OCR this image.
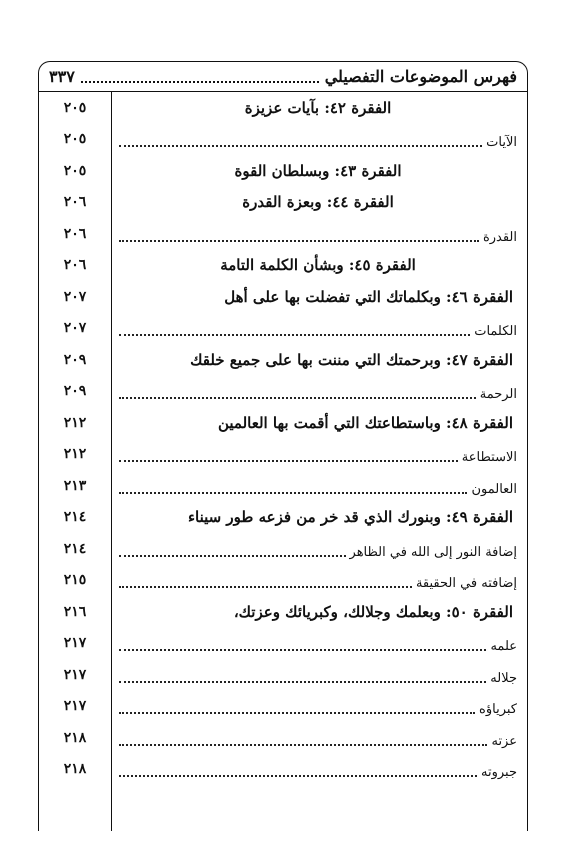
فهرس الموضوعات التفصيلي
٣٣٧
٢٠٥	الفقرة ٤٢: بآيات عزيزة
٢٠٥	الآيات
٢٠٥	الفقرة ٤٣: وبسلطان القوة
٢٠٦	الفقرة ٤٤: وبعزة القدرة
٢٠٦	القدرة
٢٠٦	الفقرة ٤٥: وبشأن الكلمة التامة
٢٠٧	الفقرة ٤٦: وبكلماتك التي تفضلت بها على أهل
٢٠٧	الكلمات
٢٠٩	الفقرة ٤٧: وبرحمتك التي مننت بها على جميع خلقك
٢٠٩	الرحمة
٢١٢	الفقرة ٤٨: وباستطاعتك التي أقمت بها العالمين
٢١٢	الاستطاعة
٢١٣	العالمون
٢١٤	الفقرة ٤٩: وبنورك الذي قد خر من فزعه طور سيناء
٢١٤	إضافة النور إلى الله في الظاهر
٢١٥	إضافته في الحقيقة
٢١٦	الفقرة ٥٠: وبعلمك وجلالك، وكبريائك وعزتك،
٢١٧	علمه
٢١٧	جلاله
٢١٧	كبرياؤه
٢١٨	عزته
٢١٨	جبروته
